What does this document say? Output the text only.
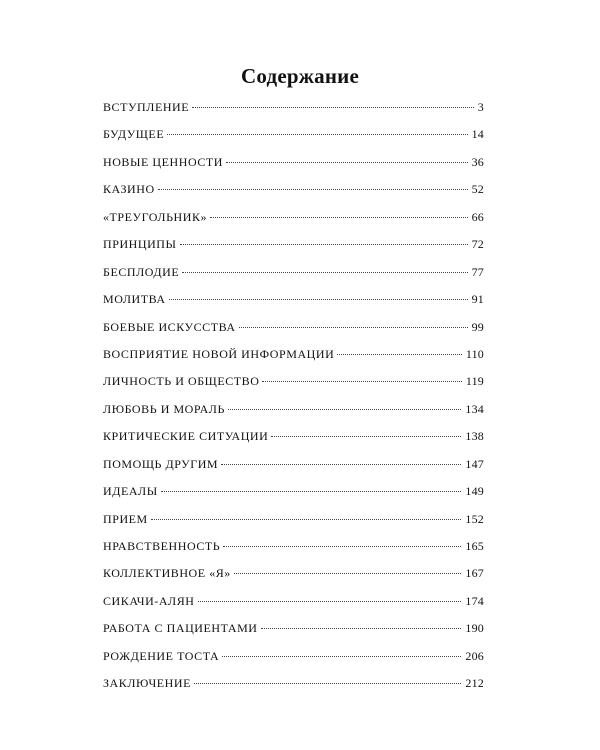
Содержание
ВСТУПЛЕНИЕ	3
БУДУЩЕЕ	14
НОВЫЕ ЦЕННОСТИ	36
КАЗИНО	52
«ТРЕУГОЛЬНИК»	66
ПРИНЦИПЫ	72
БЕСПЛОДИЕ	77
МОЛИТВА	91
БОЕВЫЕ ИСКУССТВА	99
ВОСПРИЯТИЕ НОВОЙ ИНФОРМАЦИИ	110
ЛИЧНОСТЬ И ОБЩЕСТВО	119
ЛЮБОВЬ И МОРАЛЬ	134
КРИТИЧЕСКИЕ СИТУАЦИИ	138
ПОМОЩЬ ДРУГИМ	147
ИДЕАЛЫ	149
ПРИЕМ	152
НРАВСТВЕННОСТЬ	165
КОЛЛЕКТИВНОЕ «Я»	167
СИКАЧИ-АЛЯН	174
РАБОТА С ПАЦИЕНТАМИ	190
РОЖДЕНИЕ ТОСТА	206
ЗАКЛЮЧЕНИЕ	212
